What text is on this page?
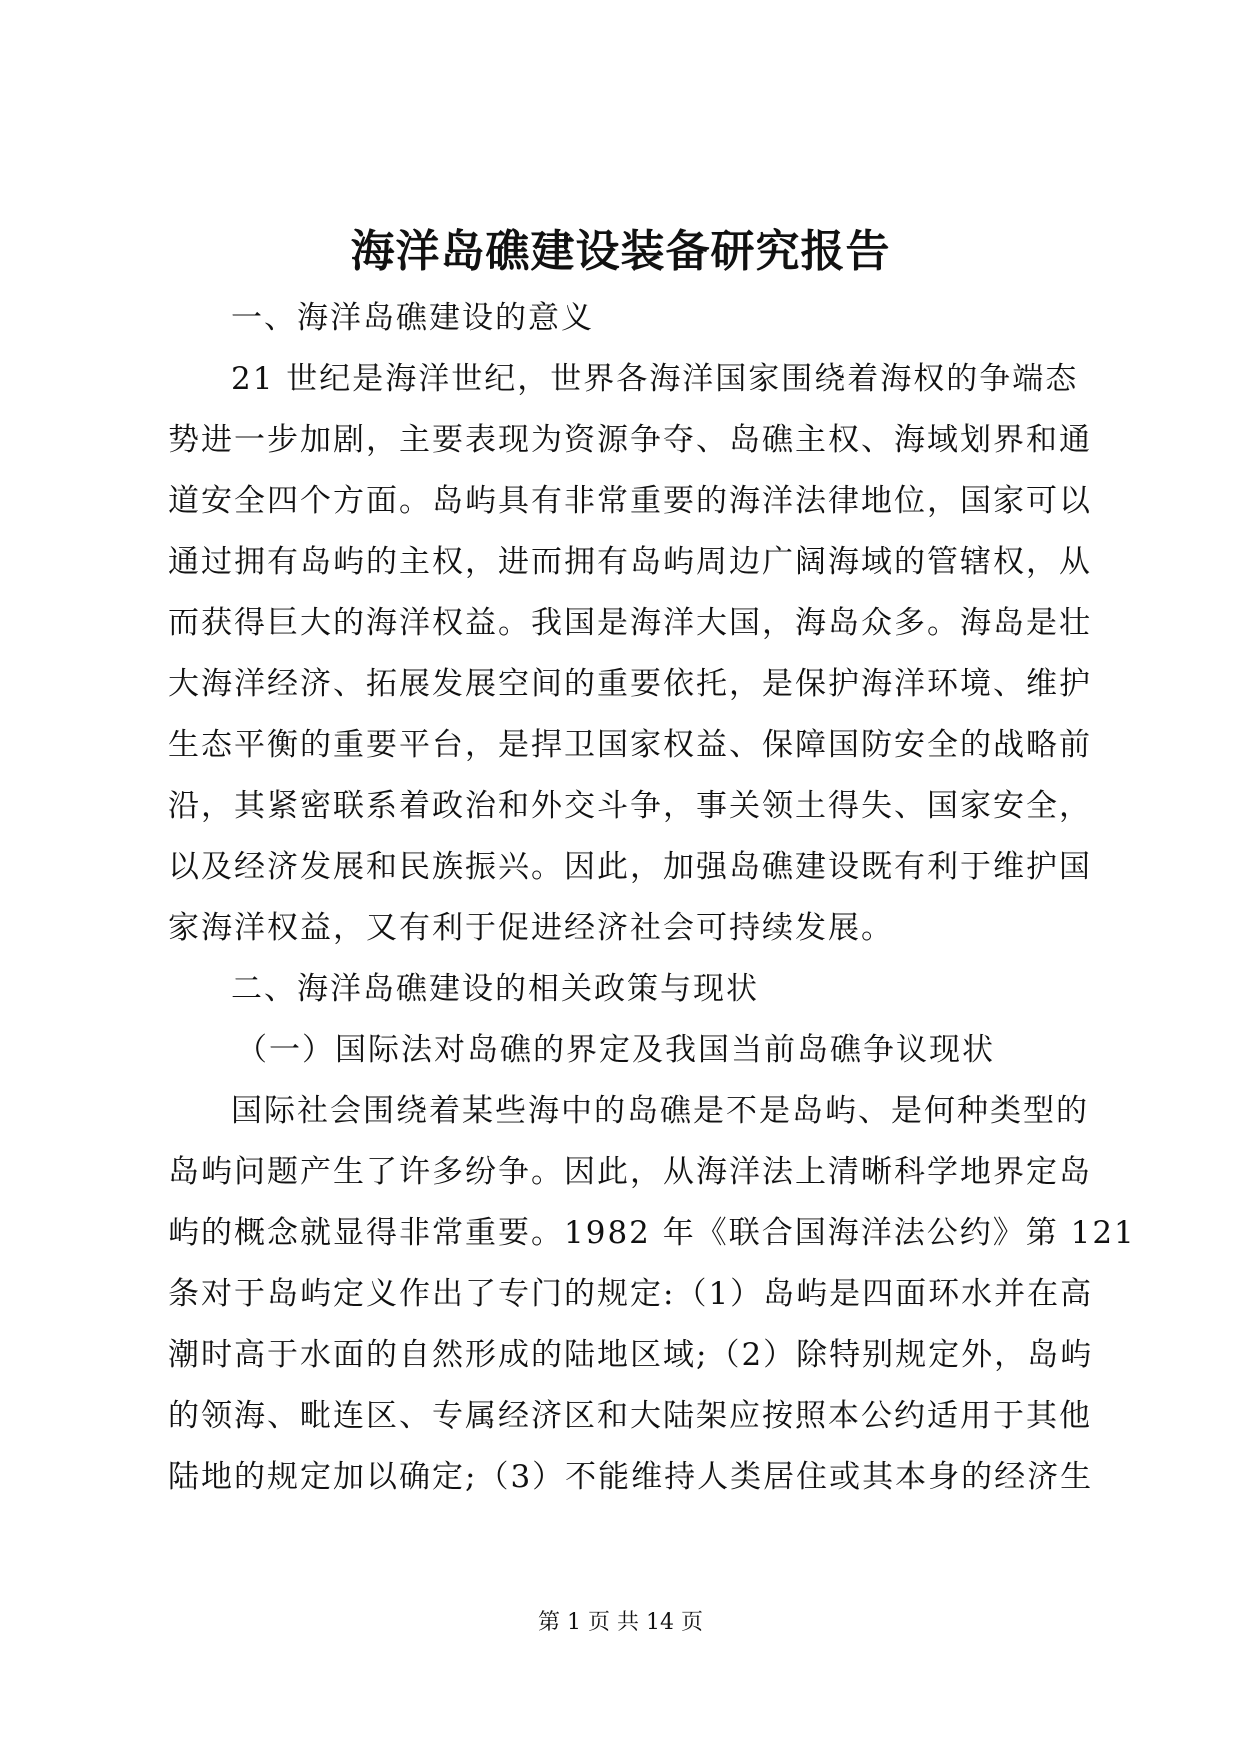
海洋岛礁建设装备研究报告
一、海洋岛礁建设的意义
21 世纪是海洋世纪，世界各海洋国家围绕着海权的争端态
势进一步加剧，主要表现为资源争夺、岛礁主权、海域划界和通
道安全四个方面。岛屿具有非常重要的海洋法律地位，国家可以
通过拥有岛屿的主权，进而拥有岛屿周边广阔海域的管辖权，从
而获得巨大的海洋权益。我国是海洋大国，海岛众多。海岛是壮
大海洋经济、拓展发展空间的重要依托，是保护海洋环境、维护
生态平衡的重要平台，是捍卫国家权益、保障国防安全的战略前
沿，其紧密联系着政治和外交斗争，事关领土得失、国家安全，
以及经济发展和民族振兴。因此，加强岛礁建设既有利于维护国
家海洋权益，又有利于促进经济社会可持续发展。
二、海洋岛礁建设的相关政策与现状
（一）国际法对岛礁的界定及我国当前岛礁争议现状
国际社会围绕着某些海中的岛礁是不是岛屿、是何种类型的
岛屿问题产生了许多纷争。因此，从海洋法上清晰科学地界定岛
屿的概念就显得非常重要。1982 年《联合国海洋法公约》第 121
条对于岛屿定义作出了专门的规定:（1）岛屿是四面环水并在高
潮时高于水面的自然形成的陆地区域;（2）除特别规定外，岛屿
的领海、毗连区、专属经济区和大陆架应按照本公约适用于其他
陆地的规定加以确定;（3）不能维持人类居住或其本身的经济生
第 1 页 共 14 页
